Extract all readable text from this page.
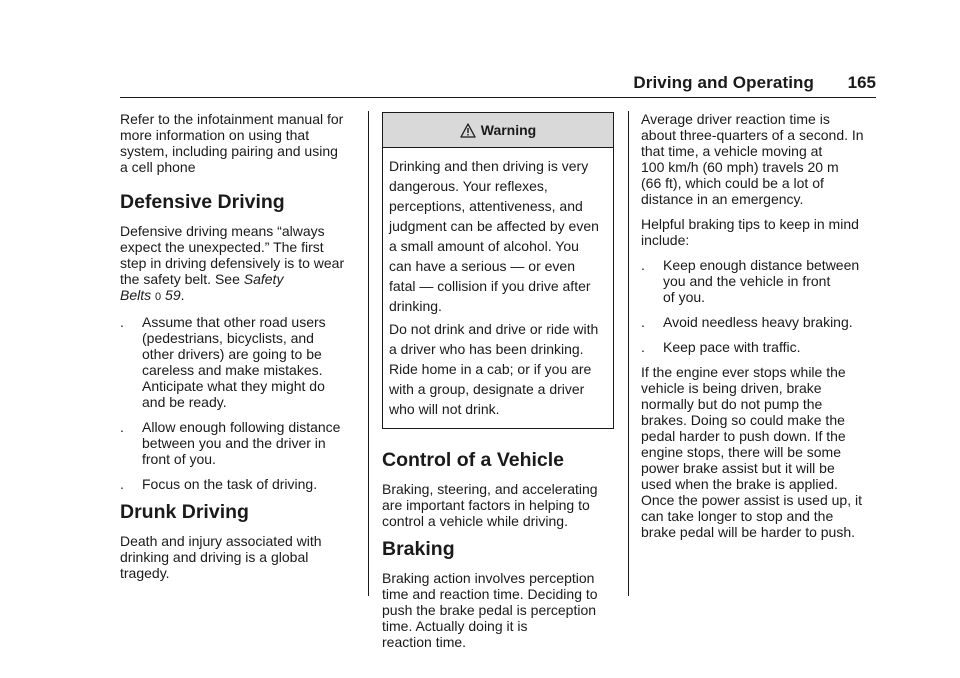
Driving and Operating 165

Refer to the infotainment manual for
more information on using that
system, including pairing and using
a cell phone

Defensive Driving

Defensive driving means “always
expect the unexpected.” The first
step in driving defensively is to wear
the safety belt. See Safety
Belts 0 59.

. Assume that other road users
(pedestrians, bicyclists, and
other drivers) are going to be
careless and make mistakes.
Anticipate what they might do
and be ready.
. Allow enough following distance
between you and the driver in
front of you.
. Focus on the task of driving.
Drunk Driving

Death and injury associated with
drinking and driving is a global
tragedy.

Warning

Drinking and then driving is very
dangerous. Your reflexes,
perceptions, attentiveness, and
judgment can be affected by even
a small amount of alcohol. You
can have a serious — or even
fatal — collision if you drive after
drinking.

Do not drink and drive or ride with
a driver who has been drinking.
Ride home in a cab; or if you are
with a group, designate a driver
who will not drink.

Control of a Vehicle

Braking, steering, and accelerating
are important factors in helping to
control a vehicle while driving.

Braking

Braking action involves perception
time and reaction time. Deciding to
push the brake pedal is perception
time. Actually doing it is
reaction time.

Average driver reaction time is
about three-quarters of a second. In
that time, a vehicle moving at
100 km/h (60 mph) travels 20 m
(66 ft), which could be a lot of
distance in an emergency.

Helpful braking tips to keep in mind
include:

. Keep enough distance between
you and the vehicle in front
of you.
. Avoid needless heavy braking.
. Keep pace with traffic.

If the engine ever stops while the
vehicle is being driven, brake
normally but do not pump the
brakes. Doing so could make the
pedal harder to push down. If the
engine stops, there will be some
power brake assist but it will be
used when the brake is applied.
Once the power assist is used up, it
can take longer to stop and the
brake pedal will be harder to push.
